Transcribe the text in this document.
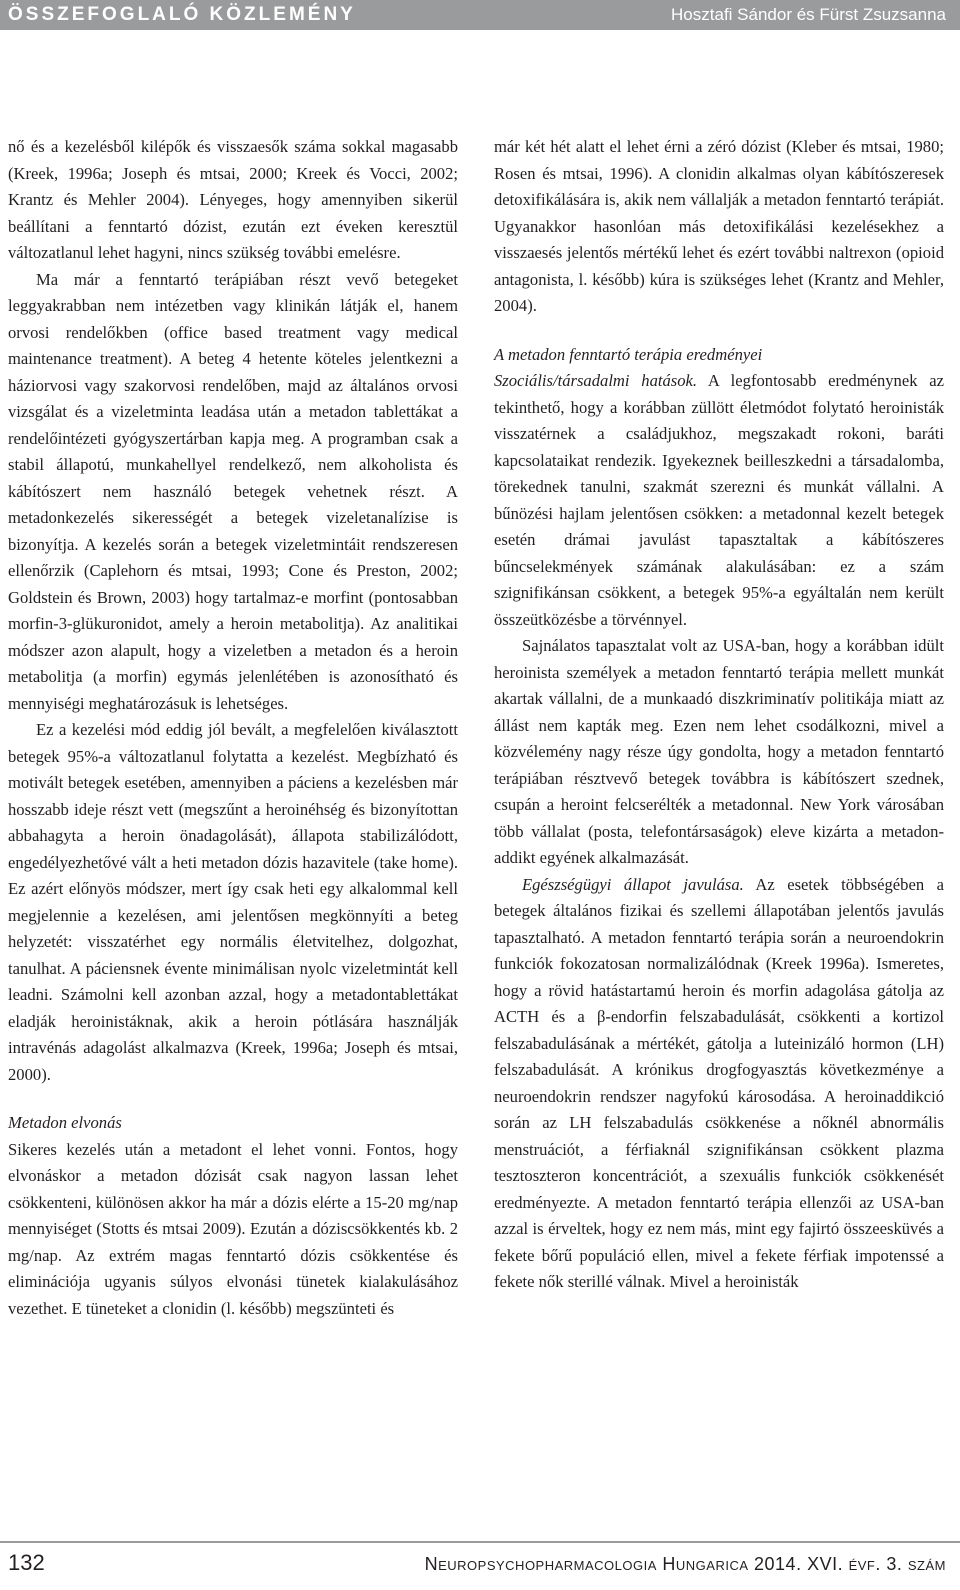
ÖSSZEFOGLALÓ KÖZLEMÉNY	Hosztafi Sándor és Fürst Zsuzsanna

nő és a kezelésből kilépők és visszaesők száma sokkal magasabb (Kreek, 1996a; Joseph és mtsai, 2000; Kreek és Vocci, 2002; Krantz és Mehler 2004). Lényeges, hogy amennyiben sikerül beállítani a fenntartó dózist, ezután ezt éveken keresztül változatlanul lehet hagyni, nincs szükség további emelésre.

Ma már a fenntartó terápiában részt vevő betegeket leggyakrabban nem intézetben vagy klinikán látják el, hanem orvosi rendelőkben (office based treatment vagy medical maintenance treatment). A beteg 4 hetente köteles jelentkezni a háziorvosi vagy szakorvosi rendelőben, majd az általános orvosi vizsgálat és a vizeletminta leadása után a metadon tablettákat a rendelőintézeti gyógyszertárban kapja meg. A programban csak a stabil állapotú, munkahellyel rendelkező, nem alkoholista és kábítószert nem használó betegek vehetnek részt. A metadonkezelés sikerességét a betegek vizeletanalízise is bizonyítja. A kezelés során a betegek vizeletmintáit rendszeresen ellenőrzik (Caplehorn és mtsai, 1993; Cone és Preston, 2002; Goldstein és Brown, 2003) hogy tartalmaz-e morfint (pontosabban morfin-3-glükuronidot, amely a heroin metabolitja). Az analitikai módszer azon alapult, hogy a vizeletben a metadon és a heroin metabolitja (a morfin) egymás jelenlétében is azonosítható és mennyiségi meghatározásuk is lehetséges.

Ez a kezelési mód eddig jól bevált, a megfelelően kiválasztott betegek 95%-a változatlanul folytatta a kezelést. Megbízható és motivált betegek esetében, amennyiben a páciens a kezelésben már hosszabb ideje részt vett (megszűnt a heroinéhség és bizonyítottan abbahagyta a heroin önadagolását), állapota stabilizálódott, engedélyezhetővé vált a heti metadon dózis hazavitele (take home). Ez azért előnyös módszer, mert így csak heti egy alkalommal kell megjelennie a kezelésen, ami jelentősen megkönnyíti a beteg helyzetét: visszatérhet egy normális életvitelhez, dolgozhat, tanulhat. A páciensnek évente minimálisan nyolc vizeletmintát kell leadni. Számolni kell azonban azzal, hogy a metadontablettákat eladják heroinistáknak, akik a heroin pótlására használják intravénás adagolást alkalmazva (Kreek, 1996a; Joseph és mtsai, 2000).

Metadon elvonás

Sikeres kezelés után a metadont el lehet vonni. Fontos, hogy elvonáskor a metadon dózisát csak nagyon lassan lehet csökkenteni, különösen akkor ha már a dózis elérte a 15-20 mg/nap mennyiséget (Stotts és mtsai 2009). Ezután a dóziscsökkentés kb. 2 mg/nap. Az extrém magas fenntartó dózis csökkentése és eliminációja ugyanis súlyos elvonási tünetek kialakulásához vezethet. E tüneteket a clonidin (l. később) megszünteti és

már két hét alatt el lehet érni a zéró dózist (Kleber és mtsai, 1980; Rosen és mtsai, 1996). A clonidin alkalmas olyan kábítószeresek detoxifikálására is, akik nem vállalják a metadon fenntartó terápiát. Ugyanakkor hasonlóan más detoxifikálási kezelésekhez a visszaesés jelentős mértékű lehet és ezért további naltrexon (opioid antagonista, l. később) kúra is szükséges lehet (Krantz and Mehler, 2004).

A metadon fenntartó terápia eredményei

Szociális/társadalmi hatások. A legfontosabb eredménynek az tekinthető, hogy a korábban züllött életmódot folytató heroinisták visszatérnek a családjukhoz, megszakadt rokoni, baráti kapcsolataikat rendezik. Igyekeznek beilleszkedni a társadalomba, törekednek tanulni, szakmát szerezni és munkát vállalni. A bűnözési hajlam jelentősen csökken: a metadonnal kezelt betegek esetén drámai javulást tapasztaltak a kábítószeres bűncselekmények számának alakulásában: ez a szám szignifikánsan csökkent, a betegek 95%-a egyáltalán nem került összeütközésbe a törvénnyel.

Sajnálatos tapasztalat volt az USA-ban, hogy a korábban idült heroinista személyek a metadon fenntartó terápia mellett munkát akartak vállalni, de a munkaadó diszkriminatív politikája miatt az állást nem kapták meg. Ezen nem lehet csodálkozni, mivel a közvélemény nagy része úgy gondolta, hogy a metadon fenntartó terápiában résztvevő betegek továbbra is kábítószert szednek, csupán a heroint felcserélték a metadonnal. New York városában több vállalat (posta, telefontársaságok) eleve kizárta a metadon-addikt egyének alkalmazását.

Egészségügyi állapot javulása. Az esetek többségében a betegek általános fizikai és szellemi állapotában jelentős javulás tapasztalható. A metadon fenntartó terápia során a neuroendokrin funkciók fokozatosan normalizálódnak (Kreek 1996a). Ismeretes, hogy a rövid hatástartamú heroin és morfin adagolása gátolja az ACTH és a β-endorfin felszabadulását, csökkenti a kortizol felszabadulásának a mértékét, gátolja a luteinizáló hormon (LH) felszabadulását. A krónikus drogfogyasztás következménye a neuroendokrin rendszer nagyfokú károsodása. A heroinaddikció során az LH felszabadulás csökkenése a nőknél abnormális menstruációt, a férfiaknál szignifikánsan csökkent plazma tesztoszteron koncentrációt, a szexuális funkciók csökkenését eredményezte. A metadon fenntartó terápia ellenzői az USA-ban azzal is érveltek, hogy ez nem más, mint egy fajirtó összeesküvés a fekete bőrű populáció ellen, mivel a fekete férfiak impotenssé a fekete nők sterillé válnak. Mivel a heroinisták

132	Neuropsychopharmacologia Hungarica 2014. XVI. évf. 3. szám
